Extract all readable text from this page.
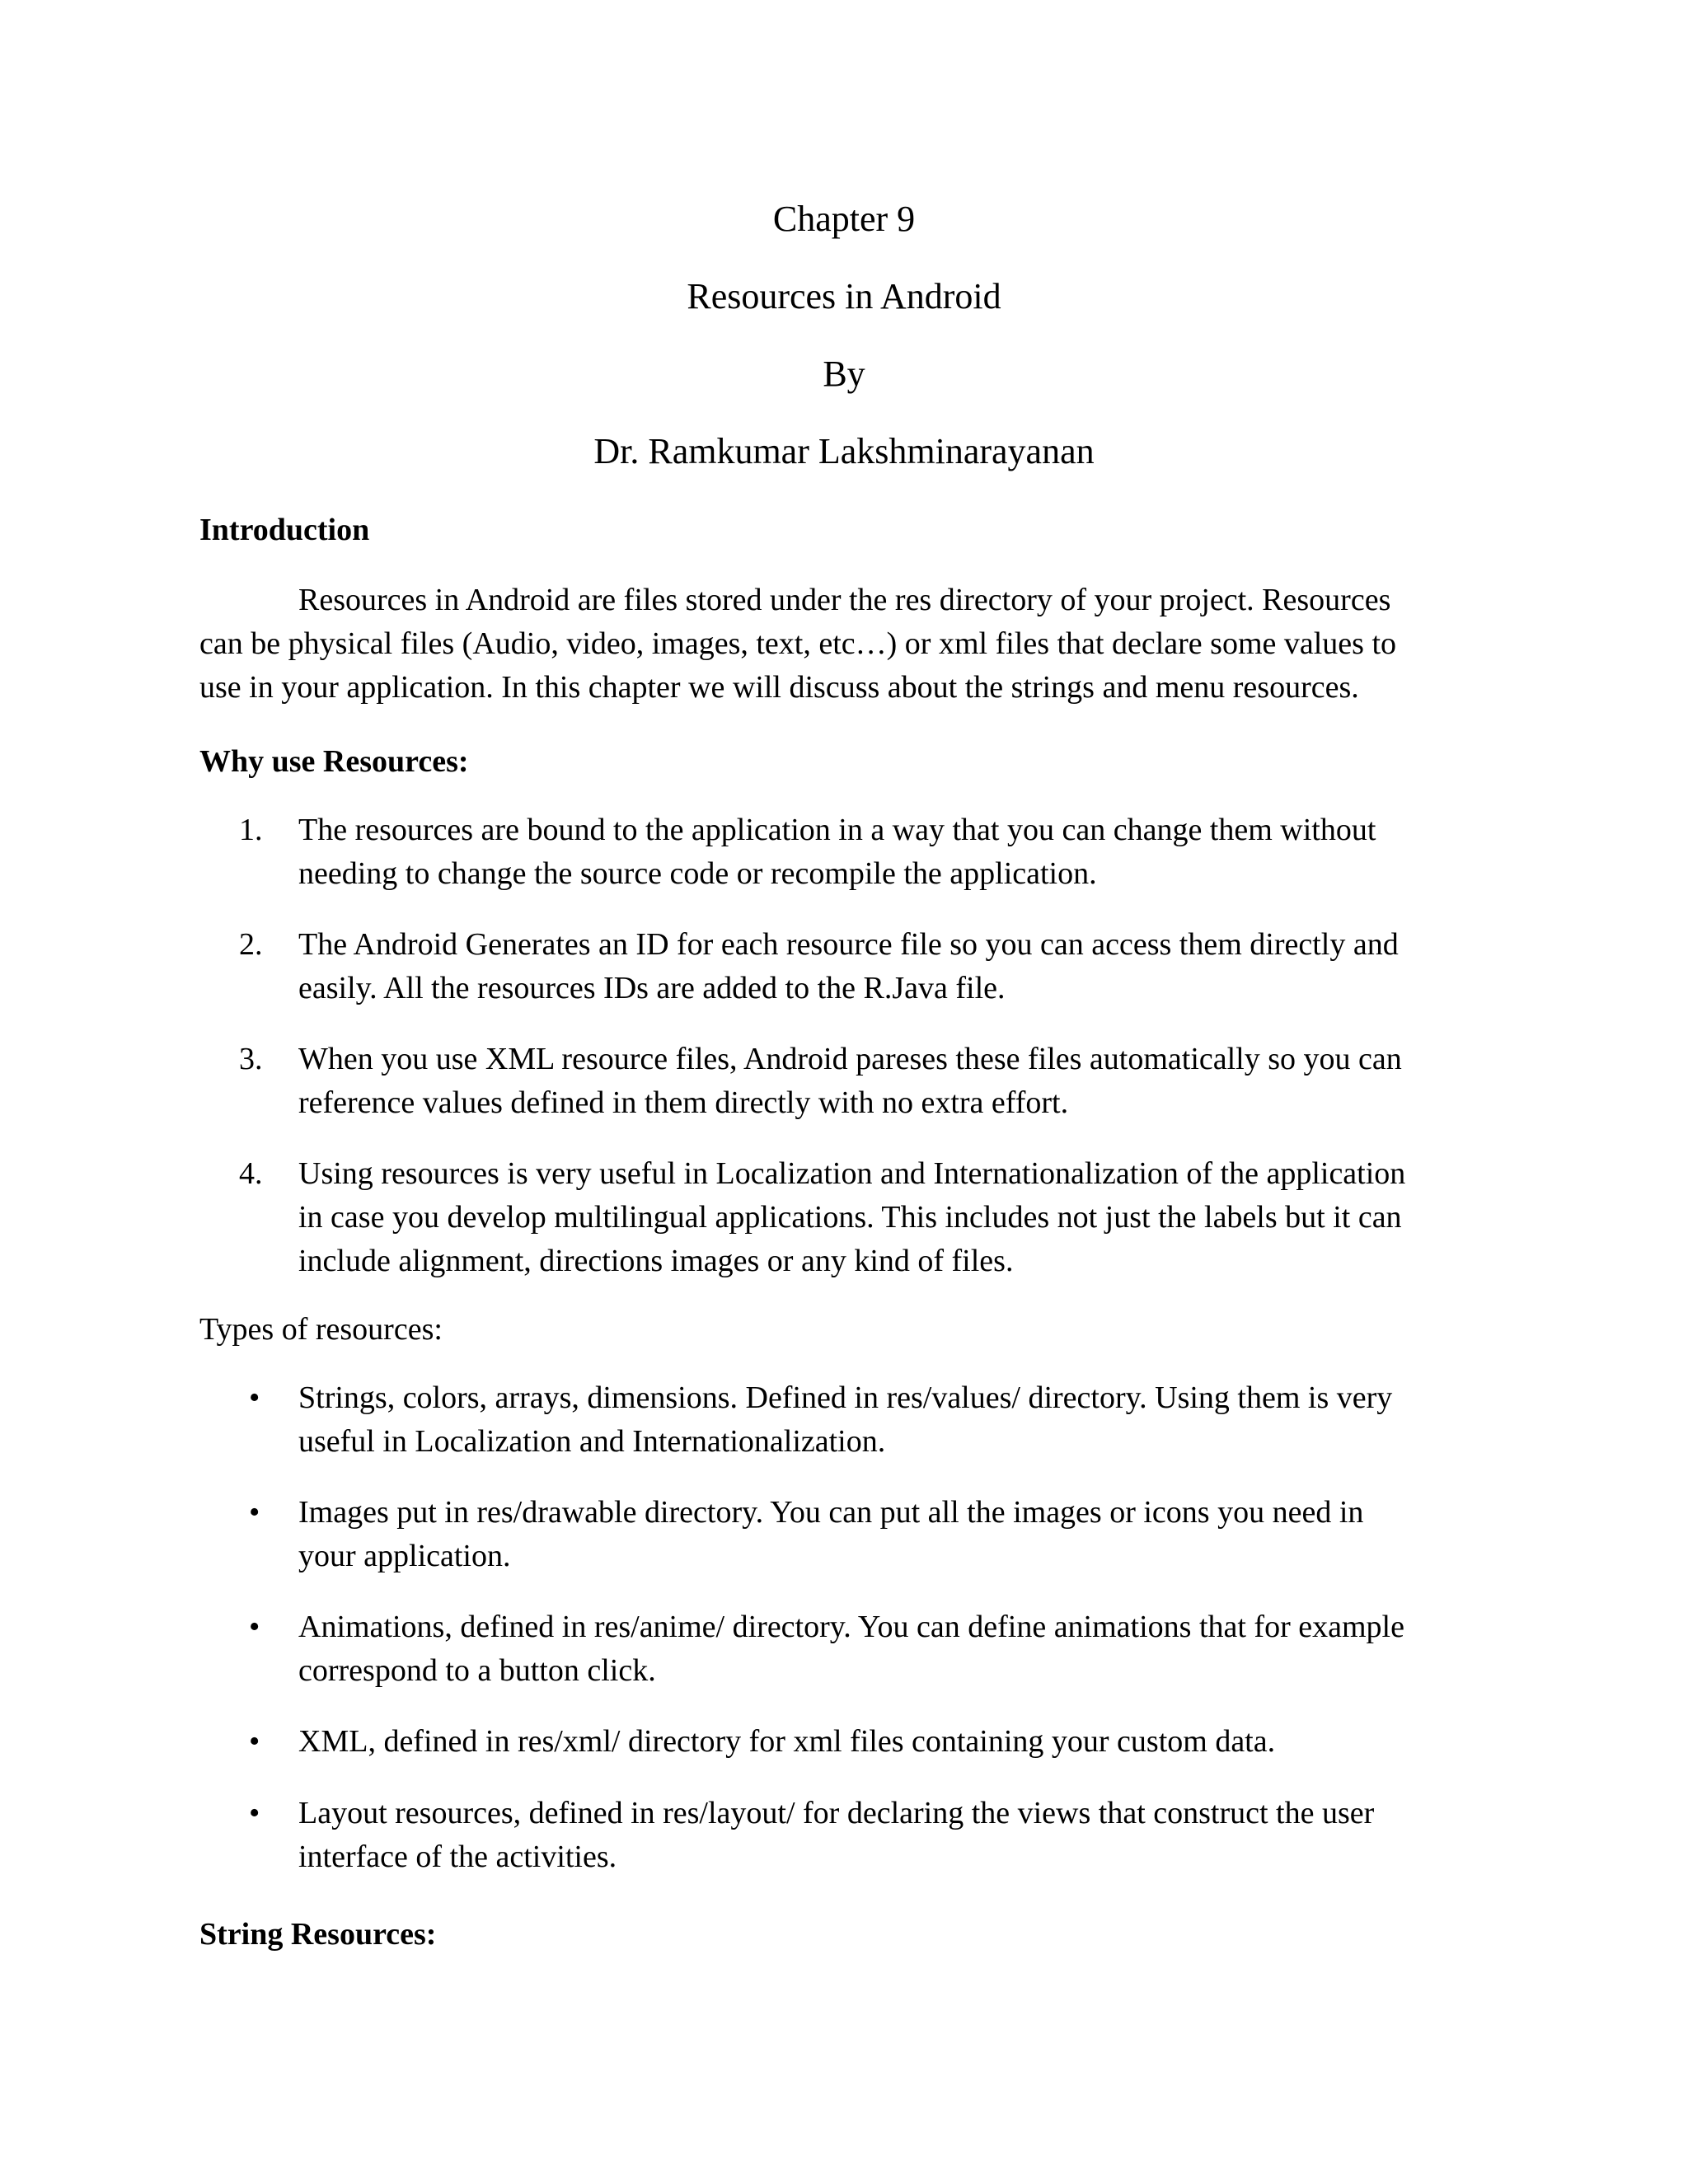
Chapter 9
Resources in Android
By
Dr. Ramkumar Lakshminarayanan
Introduction
Resources in Android are files stored under the res directory of your project. Resources
can be physical files (Audio, video, images, text, etc…) or xml files that declare some values to
use in your application. In this chapter we will discuss about the strings and menu resources.
Why use Resources:
1.	The resources are bound to the application in a way that you can change them without
needing to change the source code or recompile the application.
2.	The Android Generates an ID for each resource file so you can access them directly and
easily. All the resources IDs are added to the R.Java file.
3.	When you use XML resource files, Android pareses these files automatically so you can
reference values defined in them directly with no extra effort.
4.	Using resources is very useful in Localization and Internationalization of the application
in case you develop multilingual applications. This includes not just the labels but it can
include alignment, directions images or any kind of files.
Types of resources:
•	Strings, colors, arrays, dimensions. Defined in res/values/ directory. Using them is very
useful in Localization and Internationalization.
•	Images put in res/drawable directory. You can put all the images or icons you need in
your application.
•	Animations, defined in res/anime/ directory. You can define animations that for example
correspond to a button click.
•	XML, defined in res/xml/ directory for xml files containing your custom data.
•	Layout resources, defined in res/layout/ for declaring the views that construct the user
interface of the activities.
String Resources:
